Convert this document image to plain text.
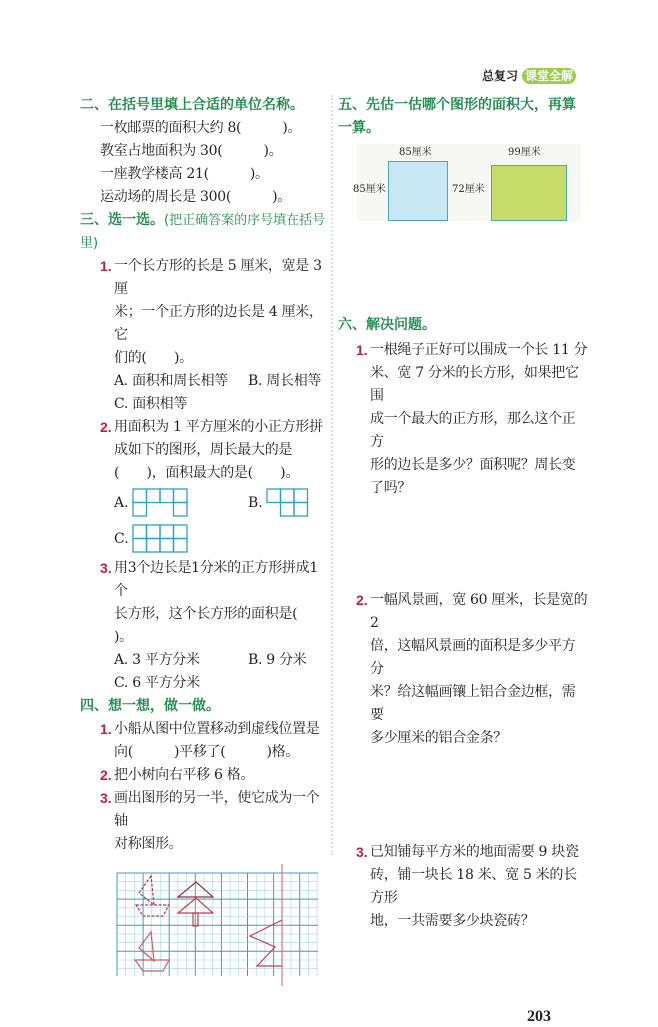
总复习 课堂全解
二、在括号里填上合适的单位名称。
一枚邮票的面积大约 8(　　　)。
教室占地面积为 30(　　　)。
一座教学楼高 21(　　　)。
运动场的周长是 300(　　　)。
三、选一选。(把正确答案的序号填在括号里)
1. 一个长方形的长是 5 厘米，宽是 3 厘
米；一个正方形的边长是 4 厘米，它
们的(　　)。
A. 面积和周长相等	B. 周长相等
C. 面积相等
2. 用面积为 1 平方厘米的小正方形拼
成如下的图形，周长最大的是
(　　)，面积最大的是(　　)。
A.	B.
C.
3. 用3个边长是1分米的正方形拼成1个
长方形，这个长方形的面积是(　　)。
A. 3 平方分米	B. 9 分米
C. 6 平方分米
四、想一想，做一做。
1. 小船从图中位置移动到虚线位置是
向(　　　)平移了(　　　)格。
2. 把小树向右平移 6 格。
3. 画出图形的另一半，使它成为一个轴
对称图形。
五、先估一估哪个图形的面积大，再算一算。
85厘米
85厘米	72厘米
99厘米
六、解决问题。
1. 一根绳子正好可以围成一个长 11 分
米、宽 7 分米的长方形，如果把它围
成一个最大的正方形，那么这个正方
形的边长是多少？面积呢？周长变
了吗？
2. 一幅风景画，宽 60 厘米，长是宽的 2
倍，这幅风景画的面积是多少平方分
米？给这幅画镶上铝合金边框，需要
多少厘米的铝合金条？
3. 已知铺每平方米的地面需要 9 块瓷
砖，铺一块长 18 米、宽 5 米的长方形
地，一共需要多少块瓷砖？
203
